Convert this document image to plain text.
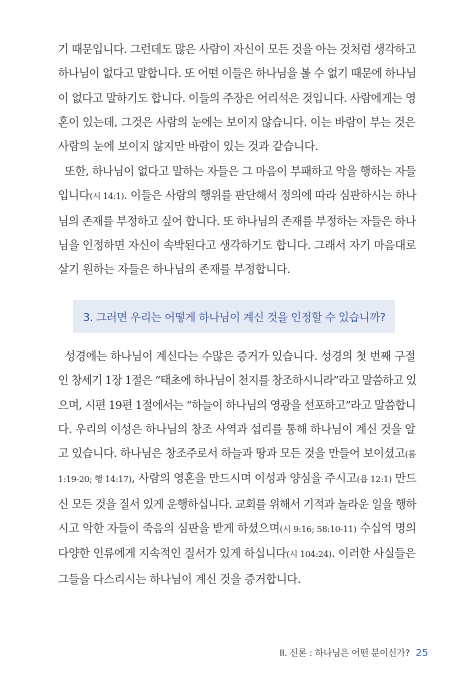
기 때문입니다. 그런데도 많은 사람이 자신이 모든 것을 아는 것처럼 생각하고
하나님이 없다고 말합니다. 또 어떤 이들은 하나님을 볼 수 없기 때문에 하나님
이 없다고 말하기도 합니다. 이들의 주장은 어리석은 것입니다. 사람에게는 영
혼이 있는데, 그것은 사람의 눈에는 보이지 않습니다. 이는 바람이 부는 것은
사람의 눈에 보이지 않지만 바람이 있는 것과 같습니다.
또한, 하나님이 없다고 말하는 자들은 그 마음이 부패하고 악을 행하는 자들
입니다(시 14:1). 이들은 사람의 행위를 판단해서 정의에 따라 심판하시는 하나
님의 존재를 부정하고 싶어 합니다. 또 하나님의 존재를 부정하는 자들은 하나
님을 인정하면 자신이 속박된다고 생각하기도 합니다. 그래서 자기 마음대로
살기 원하는 자들은 하나님의 존재를 부정합니다.
3. 그러면 우리는 어떻게 하나님이 계신 것을 인정할 수 있습니까?
성경에는 하나님이 계신다는 수많은 증거가 있습니다. 성경의 첫 번째 구절
인 창세기 1장 1절은 “태초에 하나님이 천지를 창조하시니라”라고 말씀하고 있
으며, 시편 19편 1절에서는 “하늘이 하나님의 영광을 선포하고”라고 말씀합니
다. 우리의 이성은 하나님의 창조 사역과 섭리를 통해 하나님이 계신 것을 알
고 있습니다. 하나님은 창조주로서 하늘과 땅과 모든 것을 만들어 보이셨고(롬
1:19-20; 행 14:17), 사람의 영혼을 만드시며 이성과 양심을 주시고(욥 12:1) 만드
신 모든 것을 질서 있게 운행하십니다. 교회를 위해서 기적과 놀라운 일을 행하
시고 악한 자들이 죽음의 심판을 받게 하셨으며(시 9:16; 58:10-11) 수십억 명의
다양한 인류에게 지속적인 질서가 있게 하십니다(시 104:24). 이러한 사실들은
그들을 다스리시는 하나님이 계신 것을 증거합니다.
II. 신론 : 하나님은 어떤 분이신가? 25
